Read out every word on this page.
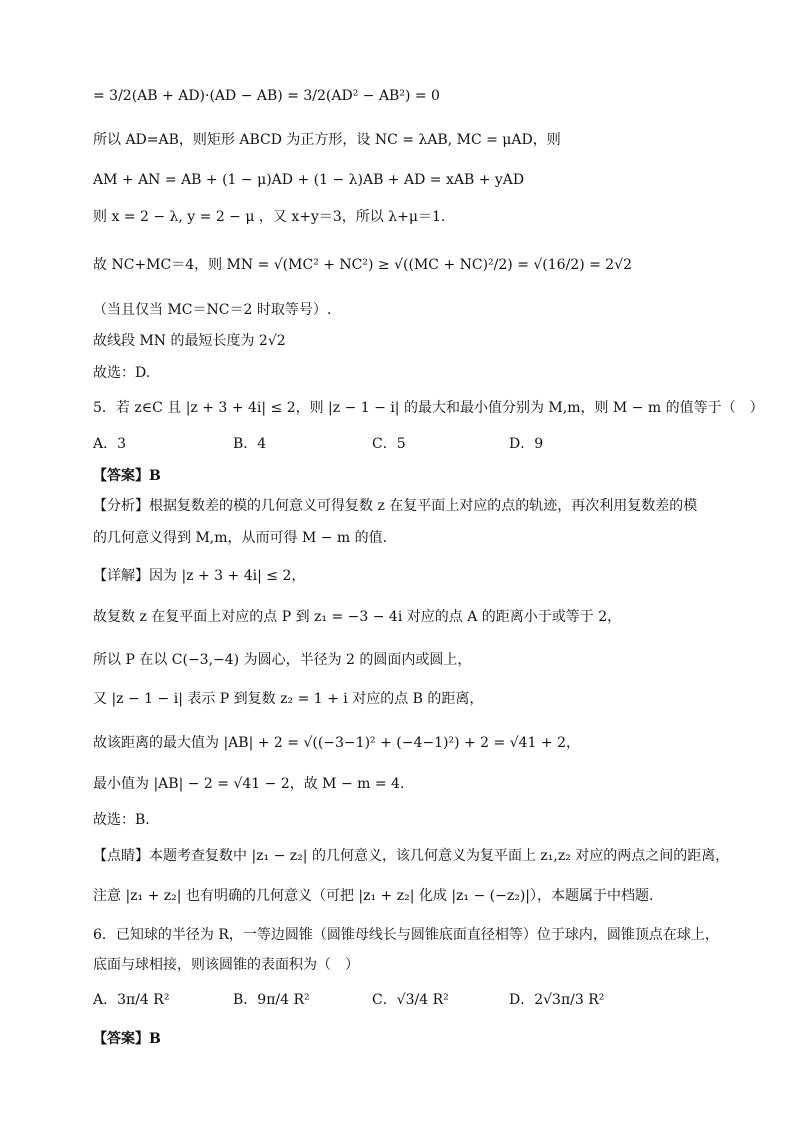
= 3/2(AB + AD)·(AD − AB) = 3/2(AD² − AB²) = 0
所以 AD=AB，则矩形 ABCD 为正方形，设 NC = λAB, MC = μAD，则
AM + AN = AB + (1 − μ)AD + (1 − λ)AB + AD = xAB + yAD
则 x = 2 − λ, y = 2 − μ ，又 x+y＝3，所以 λ+μ＝1.
故 NC+MC＝4，则 MN = √(MC² + NC²) ≥ √((MC + NC)²/2) = √(16/2) = 2√2
（当且仅当 MC＝NC＝2 时取等号）.
故线段 MN 的最短长度为 2√2
故选：D.
5．若 z∈C 且 |z + 3 + 4i| ≤ 2，则 |z − 1 − i| 的最大和最小值分别为 M,m，则 M − m 的值等于（　）
A．3	B．4	C．5	D．9
【答案】B
【分析】根据复数差的模的几何意义可得复数 z 在复平面上对应的点的轨迹，再次利用复数差的模
的几何意义得到 M,m，从而可得 M − m 的值.
【详解】因为 |z + 3 + 4i| ≤ 2，
故复数 z 在复平面上对应的点 P 到 z₁ = −3 − 4i 对应的点 A 的距离小于或等于 2，
所以 P 在以 C(−3,−4) 为圆心，半径为 2 的圆面内或圆上，
又 |z − 1 − i| 表示 P 到复数 z₂ = 1 + i 对应的点 B 的距离，
故该距离的最大值为 |AB| + 2 = √((−3−1)² + (−4−1)²) + 2 = √41 + 2，
最小值为 |AB| − 2 = √41 − 2，故 M − m = 4.
故选：B.
【点睛】本题考查复数中 |z₁ − z₂| 的几何意义，该几何意义为复平面上 z₁,z₂ 对应的两点之间的距离，
注意 |z₁ + z₂| 也有明确的几何意义（可把 |z₁ + z₂| 化成 |z₁ − (−z₂)|），本题属于中档题.
6．已知球的半径为 R，一等边圆锥（圆锥母线长与圆锥底面直径相等）位于球内，圆锥顶点在球上，
底面与球相接，则该圆锥的表面积为（　）
A．3π/4 R²	B．9π/4 R²	C．√3/4 R²	D．2√3π/3 R²
【答案】B
